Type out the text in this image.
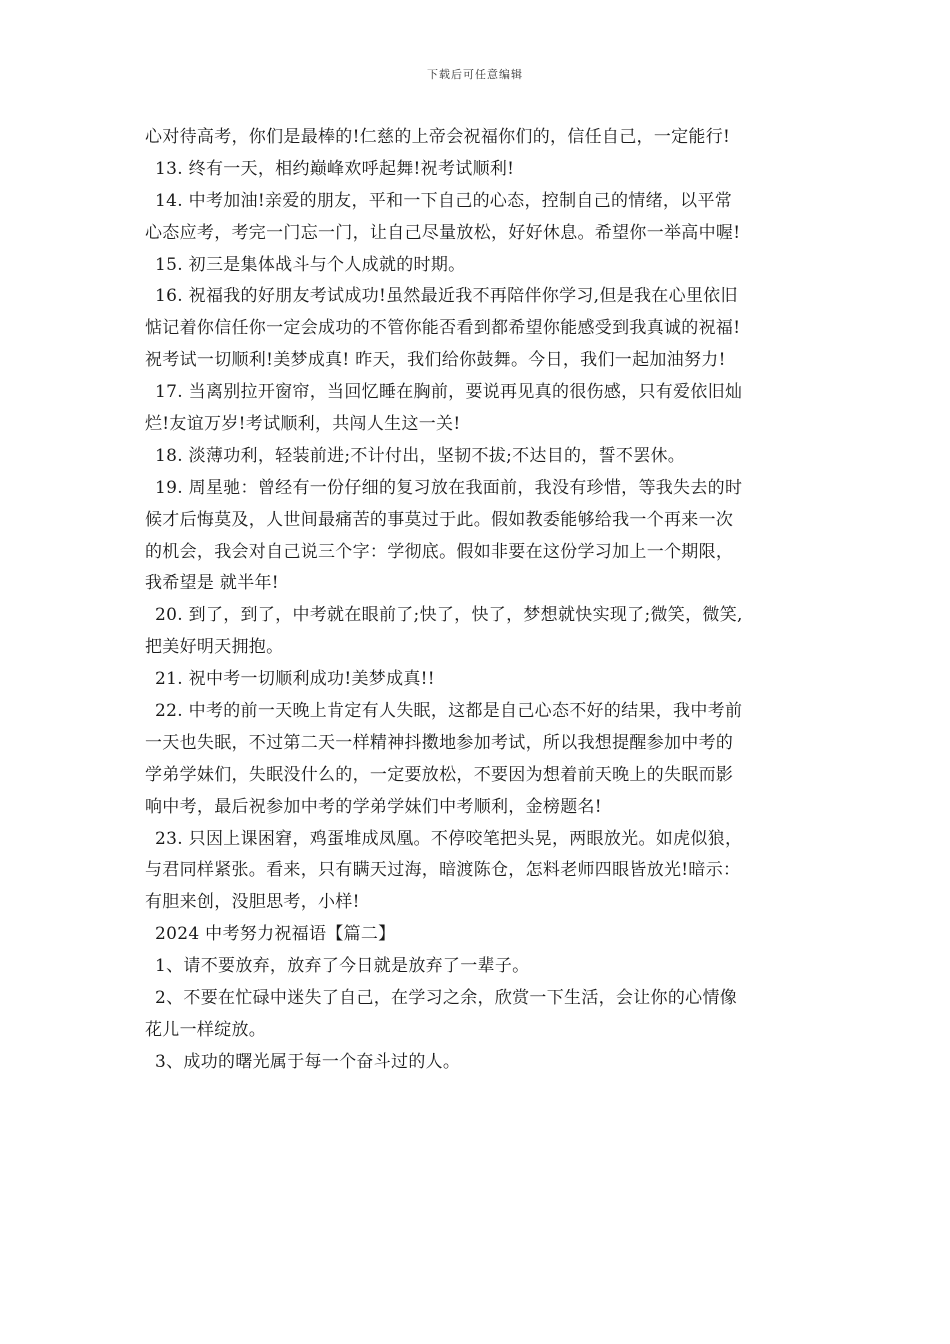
下载后可任意编辑
心对待高考，你们是最棒的!仁慈的上帝会祝福你们的，信任自己，一定能行!
13. 终有一天，相约巅峰欢呼起舞!祝考试顺利!
14. 中考加油!亲爱的朋友，平和一下自己的心态，控制自己的情绪，以平常
心态应考，考完一门忘一门，让自己尽量放松，好好休息。希望你一举高中喔!
15. 初三是集体战斗与个人成就的时期。
16. 祝福我的好朋友考试成功!虽然最近我不再陪伴你学习,但是我在心里依旧
惦记着你信任你一定会成功的不管你能否看到都希望你能感受到我真诚的祝福!
祝考试一切顺利!美梦成真! 昨天，我们给你鼓舞。今日，我们一起加油努力!
17. 当离别拉开窗帘，当回忆睡在胸前，要说再见真的很伤感，只有爱依旧灿
烂!友谊万岁!考试顺利，共闯人生这一关!
18. 淡薄功利，轻装前进;不计付出，坚韧不拔;不达目的，誓不罢休。
19. 周星驰：曾经有一份仔细的复习放在我面前，我没有珍惜，等我失去的时
候才后悔莫及，人世间最痛苦的事莫过于此。假如教委能够给我一个再来一次
的机会，我会对自己说三个字：学彻底。假如非要在这份学习加上一个期限，
我希望是 就半年!
20. 到了，到了，中考就在眼前了;快了，快了，梦想就快实现了;微笑，微笑,
把美好明天拥抱。
21. 祝中考一切顺利成功!美梦成真!!
22. 中考的前一天晚上肯定有人失眠，这都是自己心态不好的结果，我中考前
一天也失眠，不过第二天一样精神抖擞地参加考试，所以我想提醒参加中考的
学弟学妹们，失眠没什么的，一定要放松，不要因为想着前天晚上的失眠而影
响中考，最后祝参加中考的学弟学妹们中考顺利，金榜题名!
23. 只因上课困窘，鸡蛋堆成凤凰。不停咬笔把头晃，两眼放光。如虎似狼，
与君同样紧张。看来，只有瞒天过海，暗渡陈仓，怎料老师四眼皆放光!暗示：
有胆来创，没胆思考，小样!
2024 中考努力祝福语【篇二】
1、请不要放弃，放弃了今日就是放弃了一辈子。
2、不要在忙碌中迷失了自己，在学习之余，欣赏一下生活，会让你的心情像
花儿一样绽放。
3、成功的曙光属于每一个奋斗过的人。
